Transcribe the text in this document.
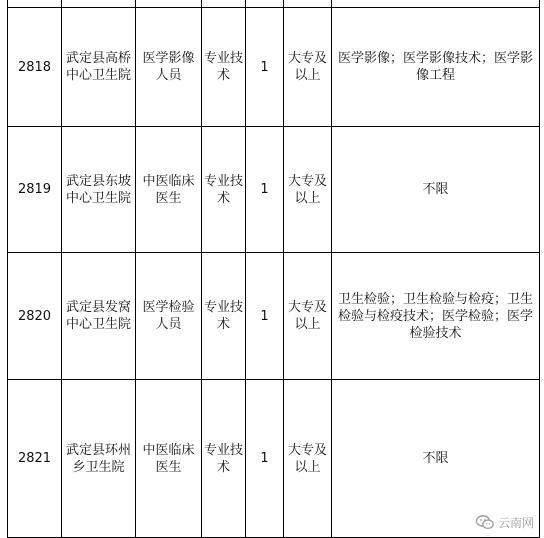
2818	武定县高桥中心卫生院	医学影像人员	专业技术	1	大专及以上	医学影像；医学影像技术；医学影像工程
2819	武定县东坡中心卫生院	中医临床医生	专业技术	1	大专及以上	不限
2820	武定县发窝中心卫生院	医学检验人员	专业技术	1	大专及以上	卫生检验；卫生检验与检疫；卫生检验与检疫技术；医学检验；医学检验技术
2821	武定县环州乡卫生院	中医临床医生	专业技术	1	大专及以上	不限
云南网
